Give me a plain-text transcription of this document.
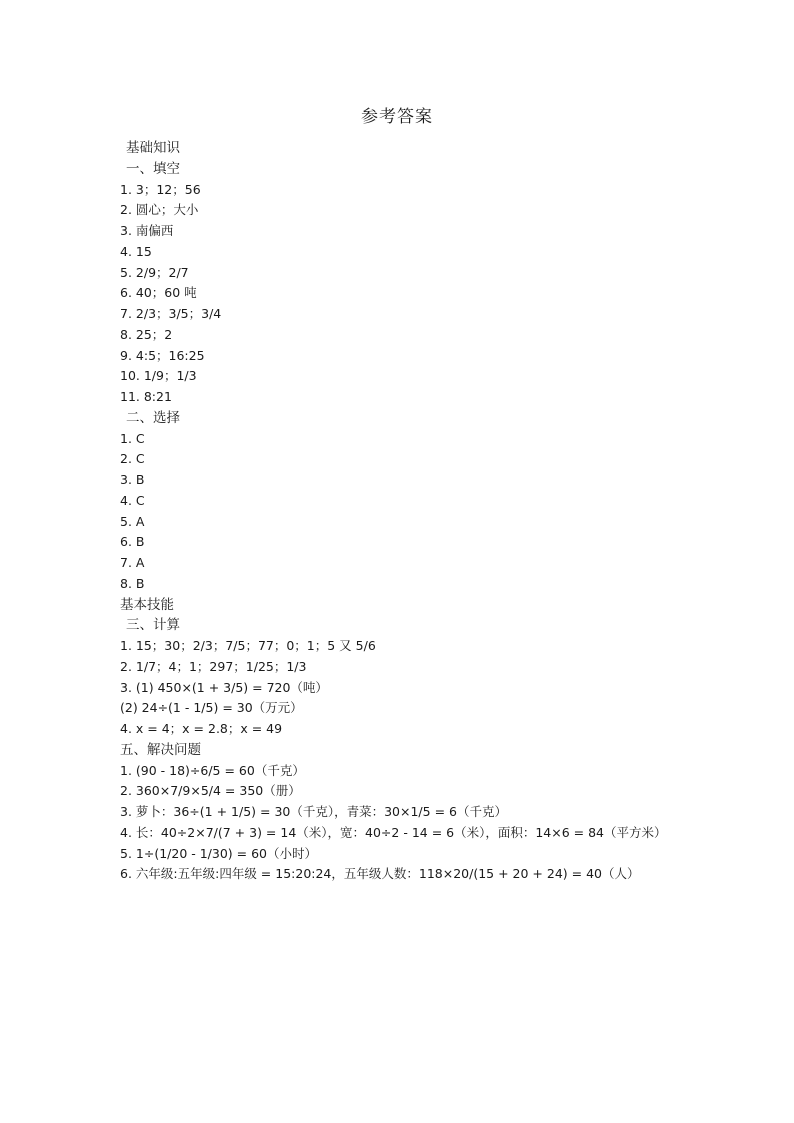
参考答案
基础知识
一、填空
1. 3；12；56
2. 圆心；大小
3. 南偏西
4. 15
5. 2/9；2/7
6. 40；60 吨
7. 2/3；3/5；3/4
8. 25；2
9. 4:5；16:25
10. 1/9；1/3
11. 8:21
二、选择
1. C
2. C
3. B
4. C
5. A
6. B
7. A
8. B
基本技能
三、计算
1. 15；30；2/3；7/5；77；0；1；5 又 5/6
2. 1/7；4；1；297；1/25；1/3
3. (1) 450×(1 + 3/5) = 720（吨）
(2) 24÷(1 - 1/5) = 30（万元）
4. x = 4；x = 2.8；x = 49
五、解决问题
1. (90 - 18)÷6/5 = 60（千克）
2. 360×7/9×5/4 = 350（册）
3. 萝卜：36÷(1 + 1/5) = 30（千克），青菜：30×1/5 = 6（千克）
4. 长：40÷2×7/(7 + 3) = 14（米），宽：40÷2 - 14 = 6（米），面积：14×6 = 84（平方米）
5. 1÷(1/20 - 1/30) = 60（小时）
6. 六年级:五年级:四年级 = 15:20:24，五年级人数：118×20/(15 + 20 + 24) = 40（人）
